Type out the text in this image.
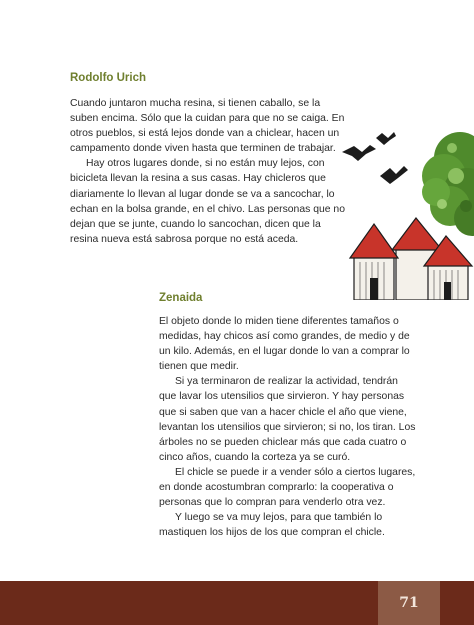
Rodolfo Urich

Cuando juntaron mucha resina, si tienen caballo, se la suben encima. Sólo que la cuidan para que no se caiga. En otros pueblos, si está lejos donde van a chiclear, hacen un campamento donde viven hasta que terminen de trabajar.

Hay otros lugares donde, si no están muy lejos, con bicicleta llevan la resina a sus casas. Hay chicleros que diariamente lo llevan al lugar donde se va a sancochar, lo echan en la bolsa grande, en el chivo. Las personas que no dejan que se junte, cuando lo sancochan, dicen que la resina nueva está sabrosa porque no está aceda.

Zenaida

El objeto donde lo miden tiene diferentes tamaños o medidas, hay chicos así como grandes, de medio y de un kilo. Además, en el lugar donde lo van a comprar lo tienen que medir.

Si ya terminaron de realizar la actividad, tendrán que lavar los utensilios que sirvieron. Y hay personas que si saben que van a hacer chicle el año que viene, levantan los utensilios que sirvieron; si no, los tiran. Los árboles no se pueden chiclear más que cada cuatro o cinco años, cuando la corteza ya se curó.

El chicle se puede ir a vender sólo a ciertos lugares, en donde acostumbran comprarlo: la cooperativa o personas que lo compran para venderlo otra vez.

Y luego se va muy lejos, para que también lo mastiquen los hijos de los que compran el chicle.

71
